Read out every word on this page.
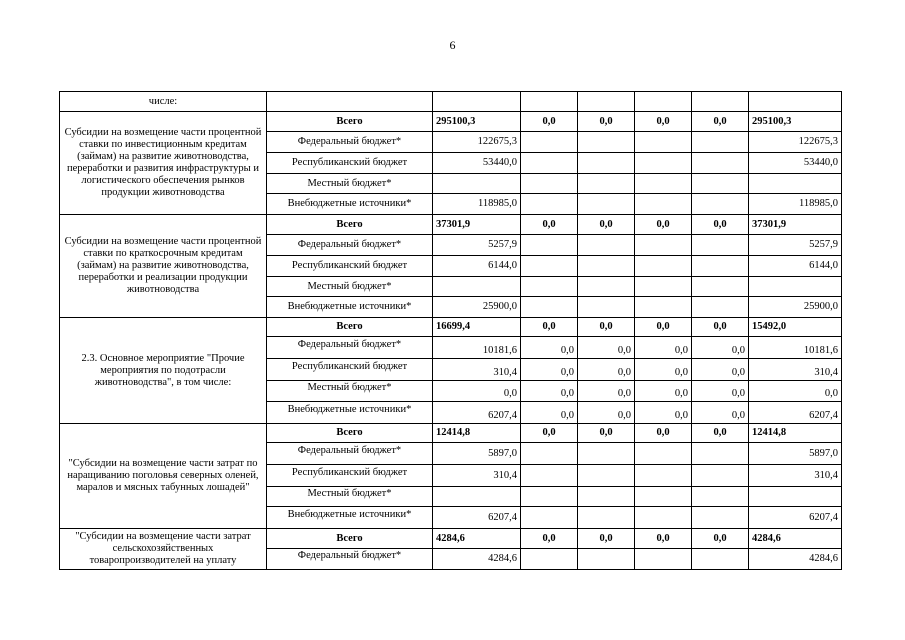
6
числе:							
Субсидии на возмещение части процентной ставки по инвестиционным кредитам (займам) на развитие животноводства, переработки и развития инфраструктуры и логистического обеспечения рынков продукции животноводства	Всего	295100,3	0,0	0,0	0,0	0,0	295100,3
	Федеральный бюджет*	122675,3					122675,3
	Республиканский бюджет	53440,0					53440,0
	Местный бюджет*						
	Внебюджетные источники*	118985,0					118985,0
Субсидии на возмещение части процентной ставки по краткосрочным кредитам (займам) на развитие животноводства, переработки и реализации продукции животноводства	Всего	37301,9	0,0	0,0	0,0	0,0	37301,9
	Федеральный бюджет*	5257,9					5257,9
	Республиканский бюджет	6144,0					6144,0
	Местный бюджет*						
	Внебюджетные источники*	25900,0					25900,0
2.3. Основное мероприятие "Прочие мероприятия по подотрасли животноводства", в том числе:	Всего	16699,4	0,0	0,0	0,0	0,0	15492,0

	Федеральный бюджет*	10181,6	0,0	0,0	0,0	0,0	10181,6

	Республиканский бюджет	310,4	0,0	0,0	0,0	0,0	310,4

	Местный бюджет*	0,0	0,0	0,0	0,0	0,0	0,0

	Внебюджетные источники*	6207,4	0,0	0,0	0,0	0,0	6207,4

"Субсидии на возмещение части затрат по наращиванию поголовья северных оленей, маралов и мясных табунных лошадей"	Всего	12414,8	0,0	0,0	0,0	0,0	12414,8

	Федеральный бюджет*	5897,0					5897,0

	Республиканский бюджет	310,4					310,4

	Местный бюджет*						

	Внебюджетные источники*	6207,4					6207,4
"Субсидии на возмещение части затрат сельскохозяйственных товаропроизводителей на уплату	Всего	4284,6	0,0	0,0	0,0	0,0	4284,6

	Федеральный бюджет*	4284,6					4284,6
